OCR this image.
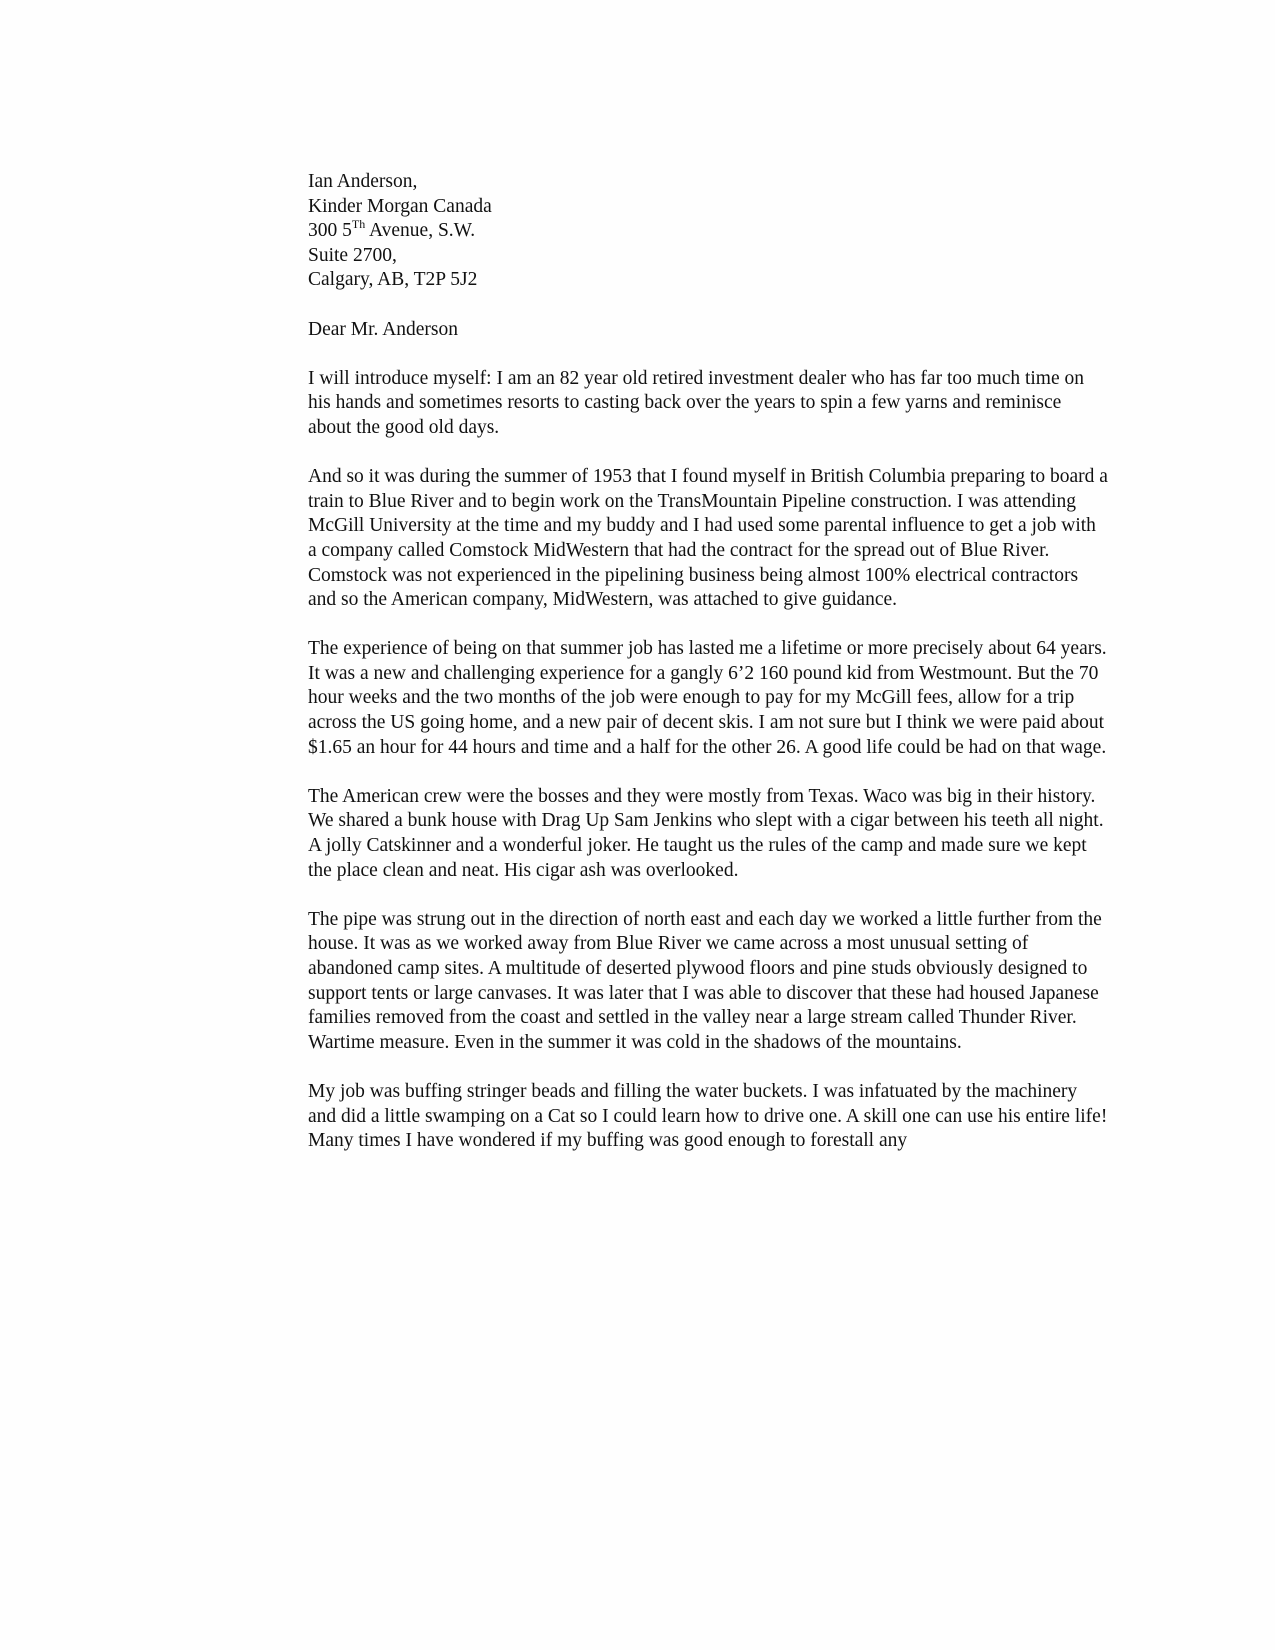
Ian Anderson,
Kinder Morgan Canada
300 5Th Avenue, S.W.
Suite 2700,
Calgary, AB, T2P 5J2
Dear Mr. Anderson

I will introduce myself: I am an 82 year old retired investment dealer who has far too much time on his hands and sometimes resorts to casting back over the years to spin a few yarns and reminisce about the good old days.

And so it was during the summer of 1953 that I found myself in British Columbia preparing to board a train to Blue River and to begin work on the TransMountain Pipeline construction. I was attending McGill University at the time and my buddy and I had used some parental influence to get a job with a company called Comstock MidWestern that had the contract for the spread out of Blue River. Comstock was not experienced in the pipelining business being almost 100% electrical contractors and so the American company, MidWestern, was attached to give guidance.

The experience of being on that summer job has lasted me a lifetime or more precisely about 64 years. It was a new and challenging experience for a gangly 6’2 160 pound kid from Westmount. But the 70 hour weeks and the two months of the job were enough to pay for my McGill fees, allow for a trip across the US going home, and a new pair of decent skis. I am not sure but I think we were paid about $1.65 an hour for 44 hours and time and a half for the other 26. A good life could be had on that wage.

The American crew were the bosses and they were mostly from Texas. Waco was big in their history. We shared a bunk house with Drag Up Sam Jenkins who slept with a cigar between his teeth all night. A jolly Catskinner and a wonderful joker. He taught us the rules of the camp and made sure we kept the place clean and neat. His cigar ash was overlooked.

The pipe was strung out in the direction of north east and each day we worked a little further from the house. It was as we worked away from Blue River we came across a most unusual setting of abandoned camp sites. A multitude of deserted plywood floors and pine studs obviously designed to support tents or large canvases. It was later that I was able to discover that these had housed Japanese families removed from the coast and settled in the valley near a large stream called Thunder River. Wartime measure. Even in the summer it was cold in the shadows of the mountains.

My job was buffing stringer beads and filling the water buckets. I was infatuated by the machinery and did a little swamping on a Cat so I could learn how to drive one. A skill one can use his entire life! Many times I have wondered if my buffing was good enough to forestall any
